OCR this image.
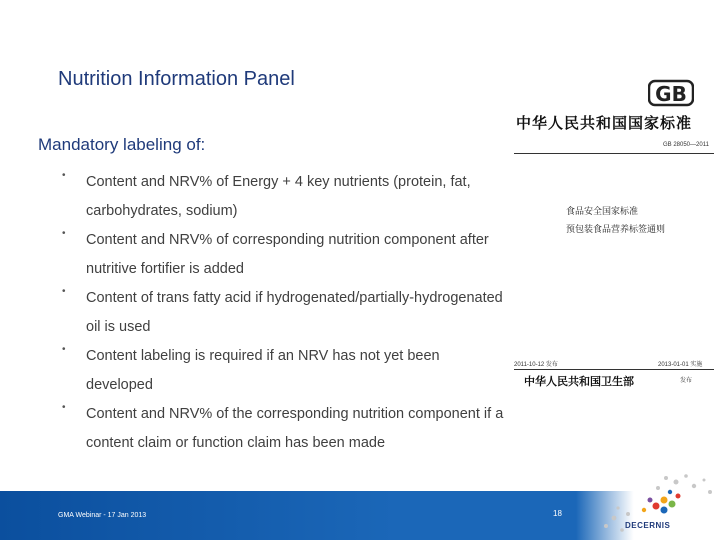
Nutrition Information Panel
Mandatory labeling of:
• Content and NRV% of Energy + 4 key nutrients (protein, fat, carbohydrates, sodium)
• Content and NRV% of corresponding nutrition component after nutritive fortifier is added
• Content of trans fatty acid if hydrogenated/partially-hydrogenated oil is used
• Content labeling is required if an NRV has not yet been developed
• Content and NRV% of the corresponding nutrition component if a content claim or function claim has been made
GB
中华人民共和国国家标准
GB 28050—2011
食品安全国家标准
预包装食品营养标签通则
2011-10-12 发布	2013-01-01 实施
中华人民共和国卫生部	发布
GMA Webinar - 17 Jan 2013	18
DECERNIS
